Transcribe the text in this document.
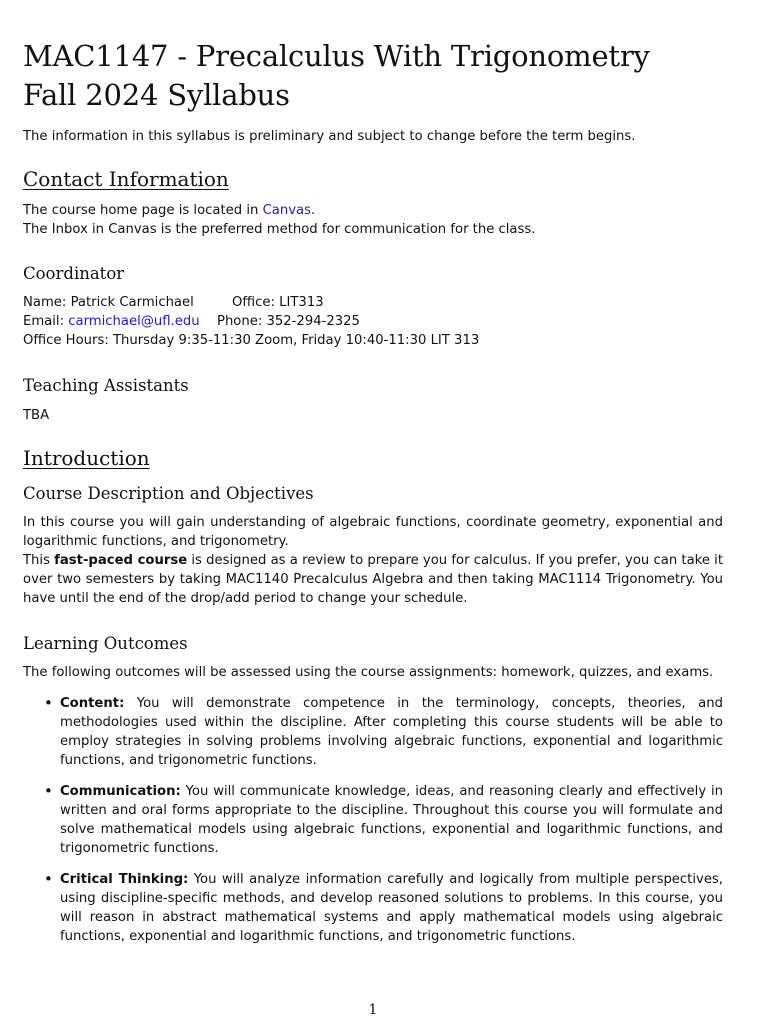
MAC1147 - Precalculus With Trigonometry
Fall 2024 Syllabus
The information in this syllabus is preliminary and subject to change before the term begins.
Contact Information
The course home page is located in Canvas.
The Inbox in Canvas is the preferred method for communication for the class.
Coordinator
Name: Patrick Carmichael	Office: LIT313
Email: carmichael@ufl.edu Phone: 352-294-2325
Office Hours: Thursday 9:35-11:30 Zoom, Friday 10:40-11:30 LIT 313
Teaching Assistants
TBA
Introduction
Course Description and Objectives

In this course you will gain understanding of algebraic functions, coordinate geometry, exponential and logarithmic functions, and trigonometry.

This fast-paced course is designed as a review to prepare you for calculus. If you prefer, you can take it over two semesters by taking MAC1140 Precalculus Algebra and then taking MAC1114 Trigonometry. You have until the end of the drop/add period to change your schedule.

Learning Outcomes
The following outcomes will be assessed using the course assignments: homework, quizzes, and exams.
• Content: You will demonstrate competence in the terminology, concepts, theories, and methodologies used within the discipline. After completing this course students will be able to employ strategies in solving problems involving algebraic functions, exponential and logarithmic functions, and trigonometric functions.
• Communication: You will communicate knowledge, ideas, and reasoning clearly and effectively in written and oral forms appropriate to the discipline. Throughout this course you will formulate and solve mathematical models using algebraic functions, exponential and logarithmic functions, and trigonometric functions.
• Critical Thinking: You will analyze information carefully and logically from multiple perspectives, using discipline-specific methods, and develop reasoned solutions to problems. In this course, you will reason in abstract mathematical systems and apply mathematical models using algebraic functions, exponential and logarithmic functions, and trigonometric functions.
1
